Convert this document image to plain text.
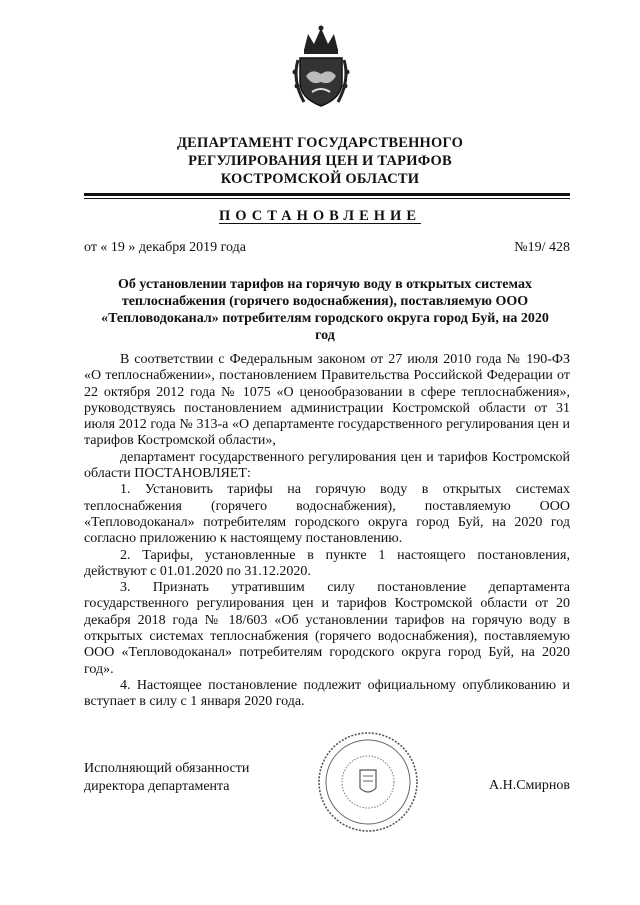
ДЕПАРТАМЕНТ ГОСУДАРСТВЕННОГО
РЕГУЛИРОВАНИЯ ЦЕН И ТАРИФОВ
КОСТРОМСКОЙ ОБЛАСТИ
ПОСТАНОВЛЕНИЕ
от « 19 » декабря 2019 года	№19/ 428
Об установлении тарифов на горячую воду в открытых системах теплоснабжения (горячего водоснабжения), поставляемую ООО «Тепловодоканал» потребителям городского округа город Буй, на 2020 год

В соответствии с Федеральным законом от 27 июля 2010 года № 190-ФЗ «О теплоснабжении», постановлением Правительства Российской Федерации от 22 октября 2012 года № 1075 «О ценообразовании в сфере теплоснабжения», руководствуясь постановлением администрации Костромской области от 31 июля 2012 года № 313-а «О департаменте государственного регулирования цен и тарифов Костромской области»,

департамент государственного регулирования цен и тарифов Костромской области ПОСТАНОВЛЯЕТ:

1. Установить тарифы на горячую воду в открытых системах теплоснабжения (горячего водоснабжения), поставляемую ООО «Тепловодоканал» потребителям городского округа город Буй, на 2020 год согласно приложению к настоящему постановлению.

2. Тарифы, установленные в пункте 1 настоящего постановления, действуют с 01.01.2020 по 31.12.2020.

3. Признать утратившим силу постановление департамента государственного регулирования цен и тарифов Костромской области от 20 декабря 2018 года № 18/603 «Об установлении тарифов на горячую воду в открытых системах теплоснабжения (горячего водоснабжения), поставляемую ООО «Тепловодоканал» потребителям городского округа город Буй, на 2020 год».

4. Настоящее постановление подлежит официальному опубликованию и вступает в силу с 1 января 2020 года.

Исполняющий обязанности
директора департамента	А.Н.Смирнов
